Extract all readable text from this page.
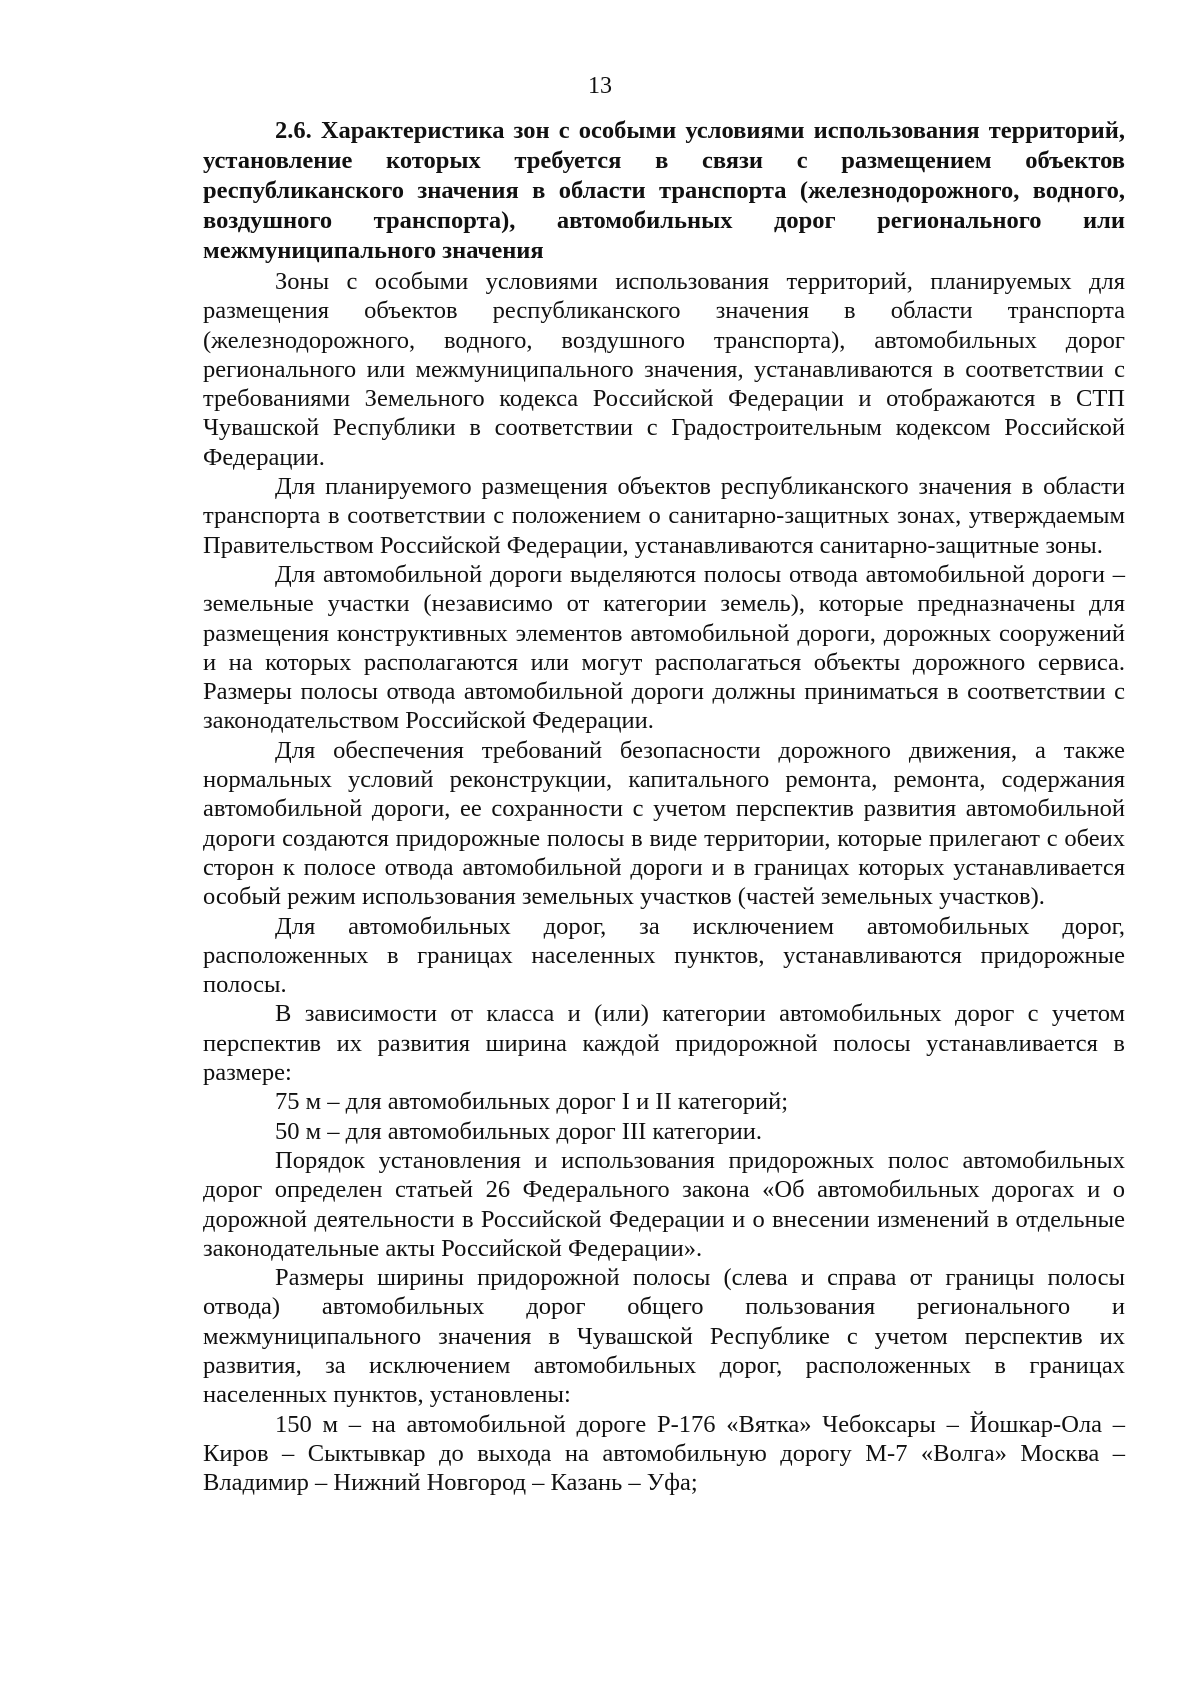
13
2.6. Характеристика зон с особыми условиями использования территорий, установление которых требуется в связи с размещением объектов республиканского значения в области транспорта (железнодорожного, водного, воздушного транспорта), автомобильных дорог регионального или межмуниципального значения

Зоны с особыми условиями использования территорий, планируемых для размещения объектов республиканского значения в области транспорта (железнодорожного, водного, воздушного транспорта), автомобильных дорог регионального или межмуниципального значения, устанавливаются в соответствии с требованиями Земельного кодекса Российской Федерации и отображаются в СТП Чувашской Республики в соответствии с Градостроительным кодексом Российской Федерации.

Для планируемого размещения объектов республиканского значения в области транспорта в соответствии с положением о санитарно-защитных зонах, утверждаемым Правительством Российской Федерации, устанавливаются санитарно-защитные зоны.

Для автомобильной дороги выделяются полосы отвода автомобильной дороги – земельные участки (независимо от категории земель), которые предназначены для размещения конструктивных элементов автомобильной дороги, дорожных сооружений и на которых располагаются или могут располагаться объекты дорожного сервиса. Размеры полосы отвода автомобильной дороги должны приниматься в соответствии с законодательством Российской Федерации.

Для обеспечения требований безопасности дорожного движения, а также нормальных условий реконструкции, капитального ремонта, ремонта, содержания автомобильной дороги, ее сохранности с учетом перспектив развития автомобильной дороги создаются придорожные полосы в виде территории, которые прилегают с обеих сторон к полосе отвода автомобильной дороги и в границах которых устанавливается особый режим использования земельных участков (частей земельных участков).

Для автомобильных дорог, за исключением автомобильных дорог, расположенных в границах населенных пунктов, устанавливаются придорожные полосы.

В зависимости от класса и (или) категории автомобильных дорог с учетом перспектив их развития ширина каждой придорожной полосы устанавливается в размере:

75 м – для автомобильных дорог I и II категорий;

50 м – для автомобильных дорог III категории.

Порядок установления и использования придорожных полос автомобильных дорог определен статьей 26 Федерального закона «Об автомобильных дорогах и о дорожной деятельности в Российской Федерации и о внесении изменений в отдельные законодательные акты Российской Федерации».

Размеры ширины придорожной полосы (слева и справа от границы полосы отвода) автомобильных дорог общего пользования регионального и межмуниципального значения в Чувашской Республике с учетом перспектив их развития, за исключением автомобильных дорог, расположенных в границах населенных пунктов, установлены:

150 м – на автомобильной дороге Р-176 «Вятка» Чебоксары – Йошкар-Ола – Киров – Сыктывкар до выхода на автомобильную дорогу М-7 «Волга» Москва – Владимир – Нижний Новгород – Казань – Уфа;
